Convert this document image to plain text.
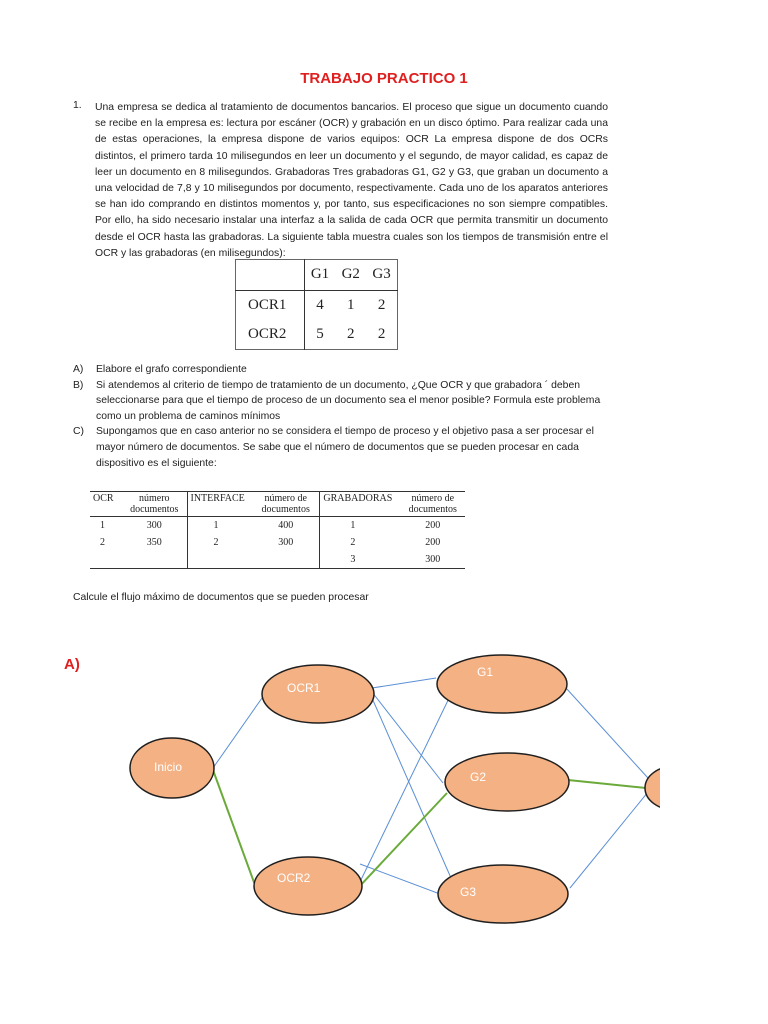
TRABAJO PRACTICO 1
1. Una empresa se dedica al tratamiento de documentos bancarios. El proceso que sigue un documento cuando se recibe en la empresa es: lectura por escáner (OCR) y grabación en un disco óptimo. Para realizar cada una de estas operaciones, la empresa dispone de varios equipos: OCR La empresa dispone de dos OCRs distintos, el primero tarda 10 milisegundos en leer un documento y el segundo, de mayor calidad, es capaz de leer un documento en 8 milisegundos. Grabadoras Tres grabadoras G1, G2 y G3, que graban un documento a una velocidad de 7,8 y 10 milisegundos por documento, respectivamente. Cada uno de los aparatos anteriores se han ido comprando en distintos momentos y, por tanto, sus especificaciones no son siempre compatibles. Por ello, ha sido necesario instalar una interfaz a la salida de cada OCR que permita transmitir un documento desde el OCR hasta las grabadoras. La siguiente tabla muestra cuales son los tiempos de transmisión entre el OCR y las grabadoras (en milisegundos):
	G1	G2	G3
OCR1	4	1	2
OCR2	5	2	2
A) Elabore el grafo correspondiente
B) Si atendemos al criterio de tiempo de tratamiento de un documento, ¿Que OCR y que grabadora ´ deben seleccionarse para que el tiempo de proceso de un documento sea el menor posible? Formula este problema como un problema de caminos mínimos
C) Supongamos que en caso anterior no se considera el tiempo de proceso y el objetivo pasa a ser procesar el mayor número de documentos. Se sabe que el número de documentos que se pueden procesar en cada dispositivo es el siguiente:
OCR	número documentos	INTERFACE	número de documentos	GRABADORAS	número de documentos
1	300	1	400	1	200
2	350	2	300	2	200
				3	300
Calcule el flujo máximo de documentos que se pueden procesar
A)
Inicio
OCR1
OCR2
G1
G2
G3
